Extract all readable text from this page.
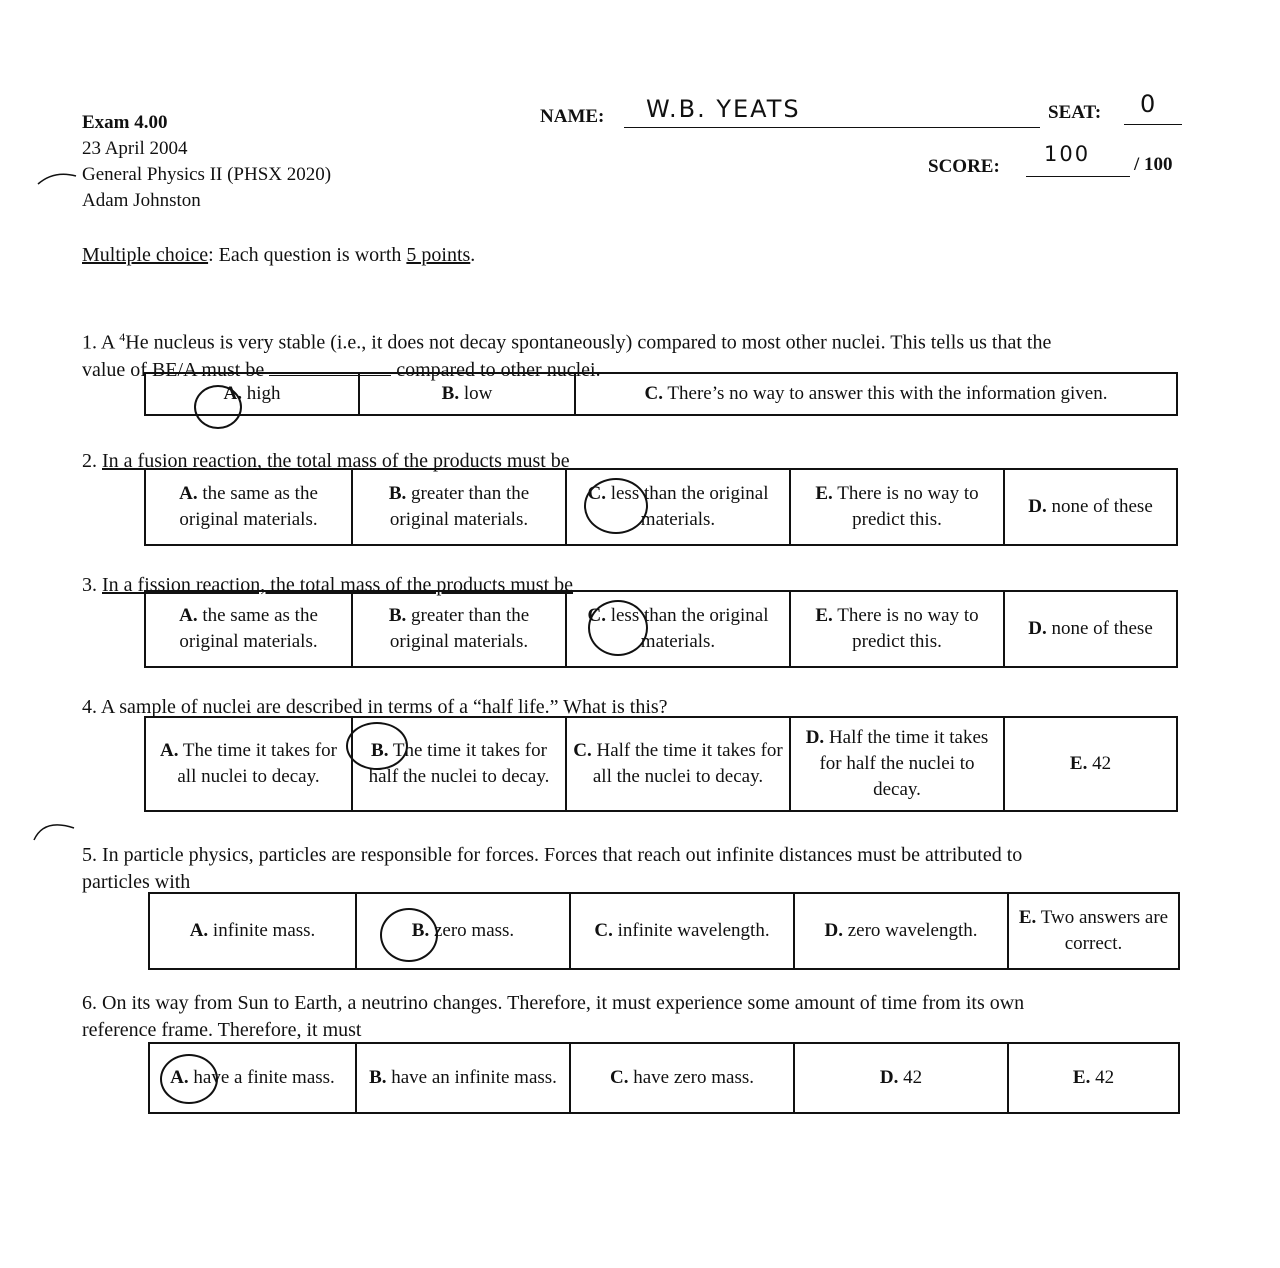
Exam 4.00
23 April 2004
General Physics II (PHSX 2020)
Adam Johnston
NAME: W.B. YEATS	SEAT: 0
SCORE:
100 / 100
Multiple choice: Each question is worth 5 points.
1. A $^4$He nucleus is very stable (i.e., it does not decay spontaneously) compared to most other nuclei. This tells us that the
value of BE/A must be	compared to other nuclei.
A. high	B. low	C. There’s no way to answer this with the information given.
2. In a fusion reaction, the total mass of the products must be
A. the same as the original materials.	B. greater than the original materials.	C. less than the original materials.	E. There is no way to predict this.	D. none of these
3. In a fission reaction, the total mass of the products must be
A. the same as the original materials.	B. greater than the original materials.	C. less than the original materials.	E. There is no way to predict this.	D. none of these
4. A sample of nuclei are described in terms of a “half life.” What is this?
A. The time it takes for all nuclei to decay.	B. The time it takes for half the nuclei to decay.	C. Half the time it takes for all the nuclei to decay.	D. Half the time it takes for half the nuclei to decay.	E. 42
5. In particle physics, particles are responsible for forces. Forces that reach out infinite distances must be attributed to
particles with
A. infinite mass.	B. zero mass.	C. infinite wavelength.	D. zero wavelength.	E. Two answers are correct.
6. On its way from Sun to Earth, a neutrino changes. Therefore, it must experience some amount of time from its own
reference frame. Therefore, it must
A. have a finite mass.	B. have an infinite mass.	C. have zero mass.	D. 42	E. 42
